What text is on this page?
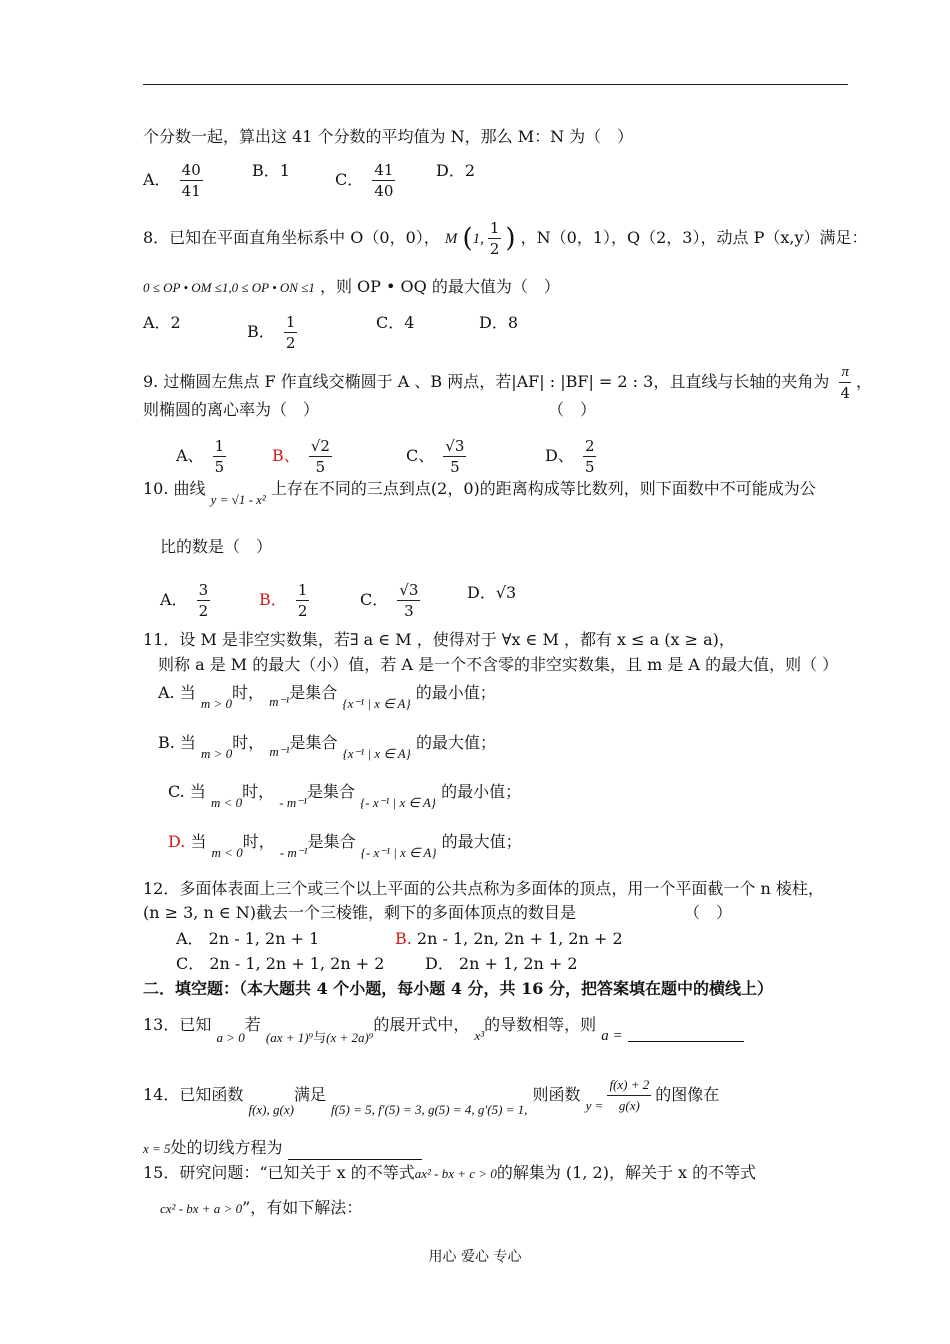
个分数一起，算出这 41 个分数的平均值为 N，那么 M：N 为（　）
A． $\frac{40}{41}$	B．1	C． $\frac{41}{40}$	D．2
8．已知在平面直角坐标系中 O（0，0）， M (1, $\frac{1}{2}$ ) ，N（0，1），Q（2，3），动点 P（x,y）满足：
0 ≤ OP • OM ≤1,0 ≤ OP • ON ≤1 ，则 OP • OQ 的最大值为（　）
A．2	B． $\frac{1}{2}$	C．4	D．8
9. 过椭圆左焦点 F 作直线交椭圆于 A 、B 两点，若|AF| : |BF| = 2 : 3，且直线与长轴的夹角为 $\frac{\pi}{4}$ ，
则椭圆的离心率为（　）	（　）
A、 $\frac{1}{5}$	B、 $\frac{√2}{5}$	C、 $\frac{√3}{5}$	D、 $\frac{2}{5}$
10. 曲线 $_{y = √1 - x^2}$ 上存在不同的三点到点(2，0)的距离构成等比数列，则下面数中不可能成为公
比的数是（　）
A． $\frac{3}{2}$	B． $\frac{1}{2}$	C． $\frac{√3}{3}$	D．√3
11．设 M 是非空实数集，若∃ a ∈ M ，使得对于 ∀x ∈ M ，都有 x ≤ a (x ≥ a)，
则称 a 是 M 的最大（小）值，若 A 是一个不含零的非空实数集，且 m 是 A 的最大值，则（ ）
A. 当 $_{m > 0}$时， $_{m^{-1}}$是集合 $_{\{x^{-1} | x \in A\}}$ 的最小值；
B. 当 $_{m > 0}$时， $_{m^{-1}}$是集合 $_{\{x^{-1} | x \in A\}}$ 的最大值；
C. 当 $_{m < 0}$时， $_{- m^{-1}}$是集合 $_{\{- x^{-1} | x \in A\}}$ 的最小值；
D. 当 $_{m < 0}$时， $_{- m^{-1}}$是集合 $_{\{- x^{-1} | x \in A\}}$ 的最大值；
12．多面体表面上三个或三个以上平面的公共点称为多面体的顶点，用一个平面截一个 n 棱柱，
(n ≥ 3, n ∈ N)截去一个三棱锥，剩下的多面体顶点的数目是	（　）
A． 2n - 1, 2n + 1	B. 2n - 1, 2n, 2n + 1, 2n + 2
C． 2n - 1, 2n + 1, 2n + 2	D． 2n + 1, 2n + 2
二．填空题：（本大题共 4 个小题，每小题 4 分，共 16 分，把答案填在题中的横线上）
13．已知 $_{a > 0}$若 $_{(ax + 1)^9与(x + 2a)^9}$的展开式中， $_{x^3}$的导数相等，则 a =
14．已知函数 $_{f(x), g(x)}$满足 $_{f(5) = 5, f'(5) = 3, g(5) = 4, g'(5) = 1,}$ 则函数 $_{y =} \frac{f(x) + 2}{g(x)}$ 的图像在
x = 5处的切线方程为
15．研究问题：“已知关于 x 的不等式ax² - bx + c > 0的解集为 (1, 2)，解关于 x 的不等式
cx² - bx + a > 0”，有如下解法：
用心 爱心 专心
